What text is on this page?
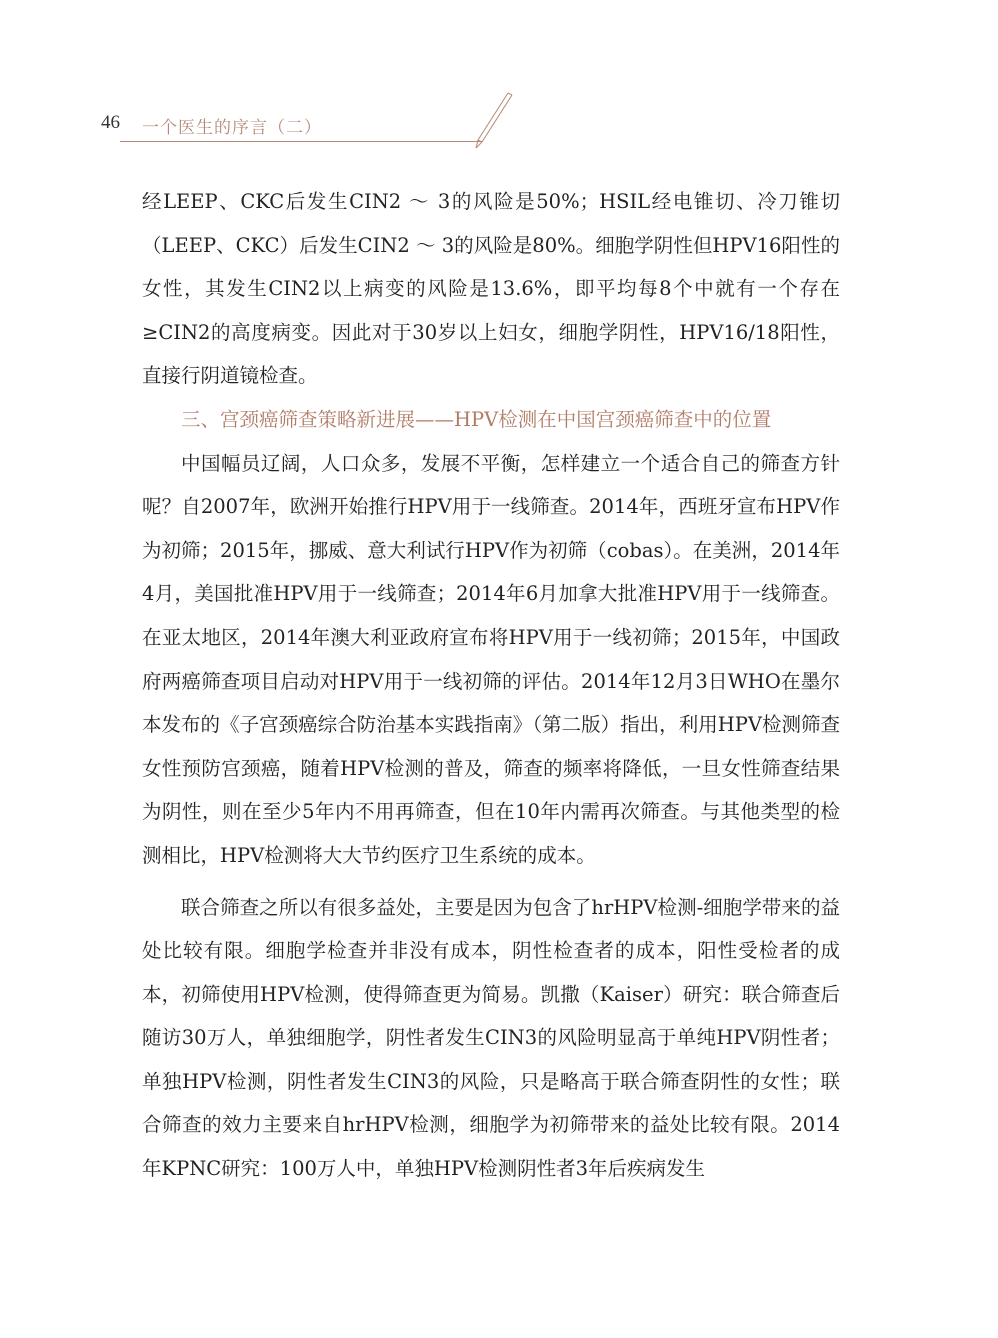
46 一个医生的序言（二）

经LEEP、CKC后发生CIN2 ～ 3的风险是50%；HSIL经电锥切、冷刀锥切（LEEP、CKC）后发生CIN2 ～ 3的风险是80%。细胞学阴性但HPV16阳性的女性，其发生CIN2以上病变的风险是13.6%，即平均每8个中就有一个存在≥CIN2的高度病变。因此对于30岁以上妇女，细胞学阴性，HPV16/18阳性，直接行阴道镜检查。

三、宫颈癌筛查策略新进展——HPV检测在中国宫颈癌筛查中的位置

中国幅员辽阔，人口众多，发展不平衡，怎样建立一个适合自己的筛查方针呢？自2007年，欧洲开始推行HPV用于一线筛查。2014年，西班牙宣布HPV作为初筛；2015年，挪威、意大利试行HPV作为初筛（cobas）。在美洲，2014年4月，美国批准HPV用于一线筛查；2014年6月加拿大批准HPV用于一线筛查。在亚太地区，2014年澳大利亚政府宣布将HPV用于一线初筛；2015年，中国政府两癌筛查项目启动对HPV用于一线初筛的评估。2014年12月3日WHO在墨尔本发布的《子宫颈癌综合防治基本实践指南》（第二版）指出，利用HPV检测筛查女性预防宫颈癌，随着HPV检测的普及，筛查的频率将降低，一旦女性筛查结果为阴性，则在至少5年内不用再筛查，但在10年内需再次筛查。与其他类型的检测相比，HPV检测将大大节约医疗卫生系统的成本。

联合筛查之所以有很多益处，主要是因为包含了hrHPV检测-细胞学带来的益处比较有限。细胞学检查并非没有成本，阴性检查者的成本，阳性受检者的成本，初筛使用HPV检测，使得筛查更为简易。凯撒（Kaiser）研究：联合筛查后随访30万人，单独细胞学，阴性者发生CIN3的风险明显高于单纯HPV阴性者；单独HPV检测，阴性者发生CIN3的风险，只是略高于联合筛查阴性的女性；联合筛查的效力主要来自hrHPV检测，细胞学为初筛带来的益处比较有限。2014年KPNC研究：100万人中，单独HPV检测阴性者3年后疾病发生
